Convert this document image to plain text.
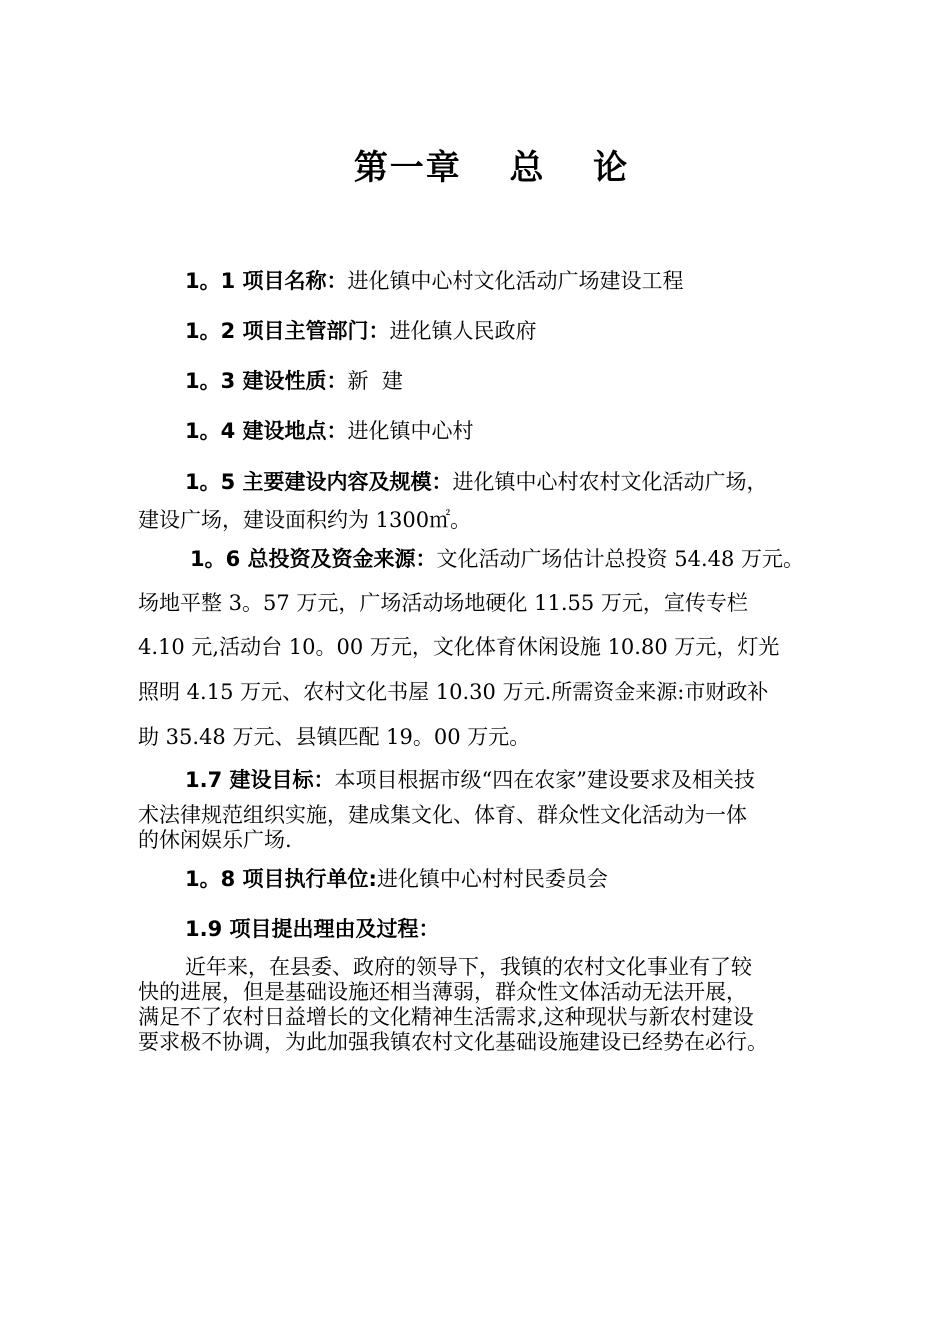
第一章  总  论
1。1 项目名称：进化镇中心村文化活动广场建设工程
1。2 项目主管部门：进化镇人民政府
1。3 建设性质：新  建
1。4 建设地点：进化镇中心村
1。5 主要建设内容及规模：进化镇中心村农村文化活动广场，
建设广场，建设面积约为 1300㎡。
1。6 总投资及资金来源：文化活动广场估计总投资 54.48 万元。
场地平整 3。57 万元，广场活动场地硬化 11.55 万元，宣传专栏
4.10 元,活动台 10。00 万元，文化体育休闲设施 10.80 万元，灯光
照明 4.15 万元、农村文化书屋 10.30 万元.所需资金来源:市财政补
助 35.48 万元、县镇匹配 19。00 万元。
1.7 建设目标：本项目根据市级“四在农家”建设要求及相关技
术法律规范组织实施，建成集文化、体育、群众性文化活动为一体
的休闲娱乐广场.
1。8 项目执行单位:进化镇中心村村民委员会
1.9 项目提出理由及过程：
近年来，在县委、政府的领导下，我镇的农村文化事业有了较
快的进展，但是基础设施还相当薄弱，群众性文体活动无法开展，
满足不了农村日益增长的文化精神生活需求,这种现状与新农村建设
要求极不协调，为此加强我镇农村文化基础设施建设已经势在必行。
